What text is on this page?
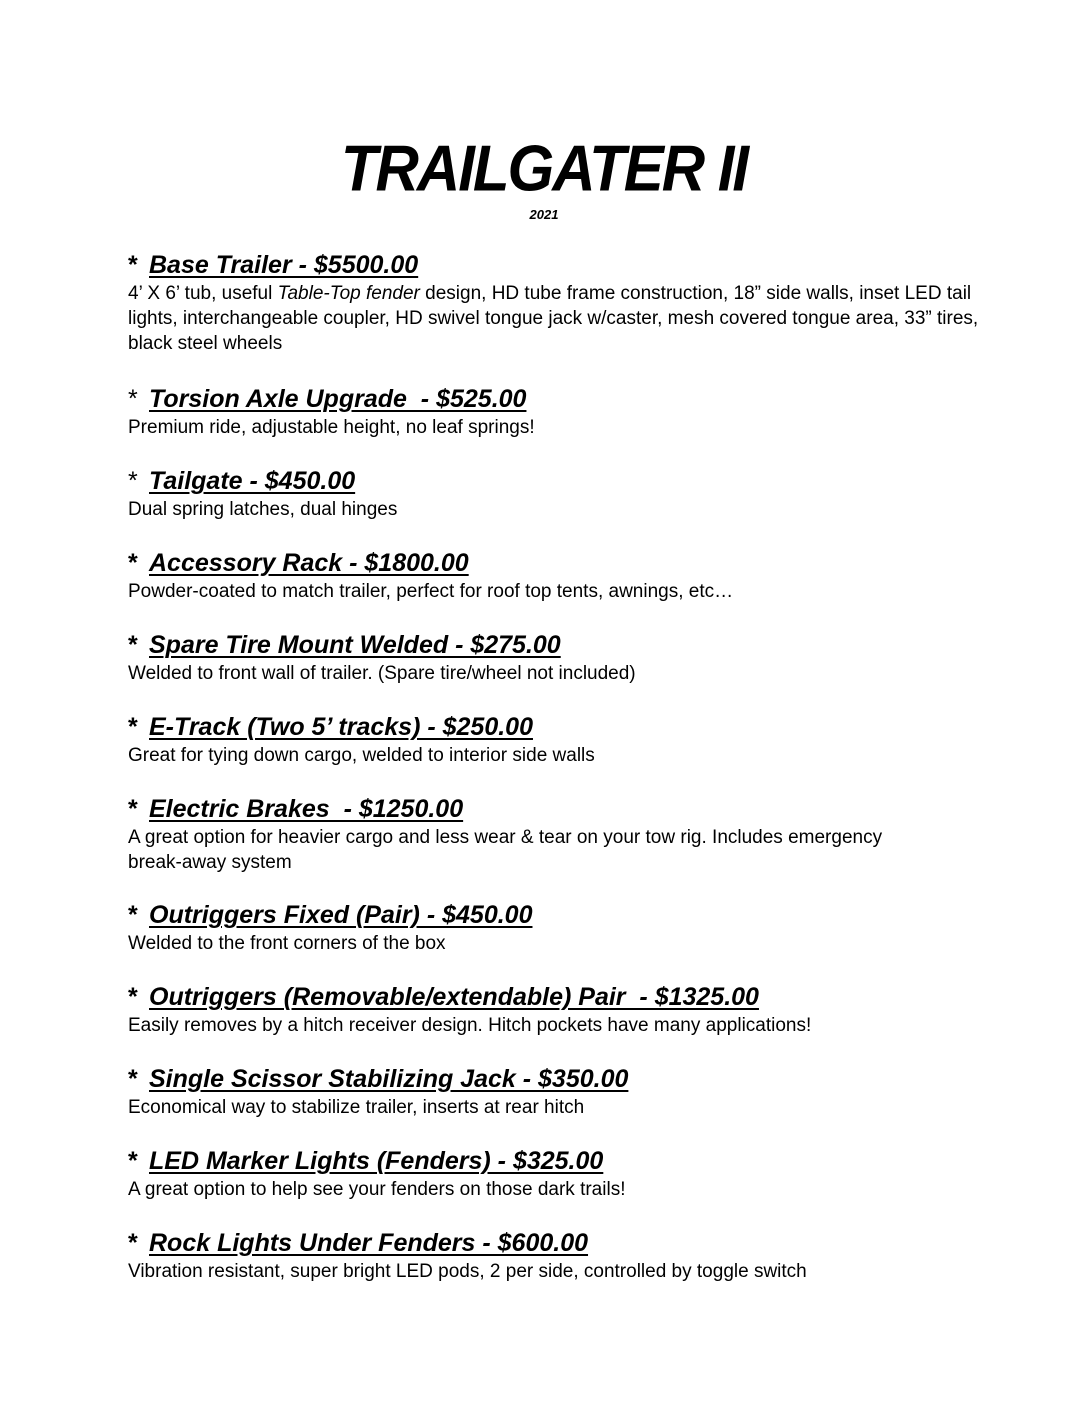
TRAILGATER II
2021
* Base Trailer - $5500.00
4’ X 6’ tub, useful Table-Top fender design, HD tube frame construction, 18” side walls, inset LED tail lights, interchangeable coupler, HD swivel tongue jack w/caster, mesh covered tongue area, 33” tires, black steel wheels
* Torsion Axle Upgrade  - $525.00
Premium ride, adjustable height, no leaf springs!
* Tailgate - $450.00
Dual spring latches, dual hinges
* Accessory Rack - $1800.00
Powder-coated to match trailer, perfect for roof top tents, awnings, etc…
* Spare Tire Mount Welded - $275.00
Welded to front wall of trailer. (Spare tire/wheel not included)
* E-Track (Two 5’ tracks) - $250.00
Great for tying down cargo, welded to interior side walls
* Electric Brakes  - $1250.00
A great option for heavier cargo and less wear & tear on your tow rig. Includes emergency break-away system
* Outriggers Fixed (Pair) - $450.00
Welded to the front corners of the box
* Outriggers (Removable/extendable) Pair  - $1325.00
Easily removes by a hitch receiver design. Hitch pockets have many applications!
* Single Scissor Stabilizing Jack - $350.00
Economical way to stabilize trailer, inserts at rear hitch
* LED Marker Lights (Fenders) - $325.00
A great option to help see your fenders on those dark trails!
* Rock Lights Under Fenders - $600.00
Vibration resistant, super bright LED pods, 2 per side, controlled by toggle switch
